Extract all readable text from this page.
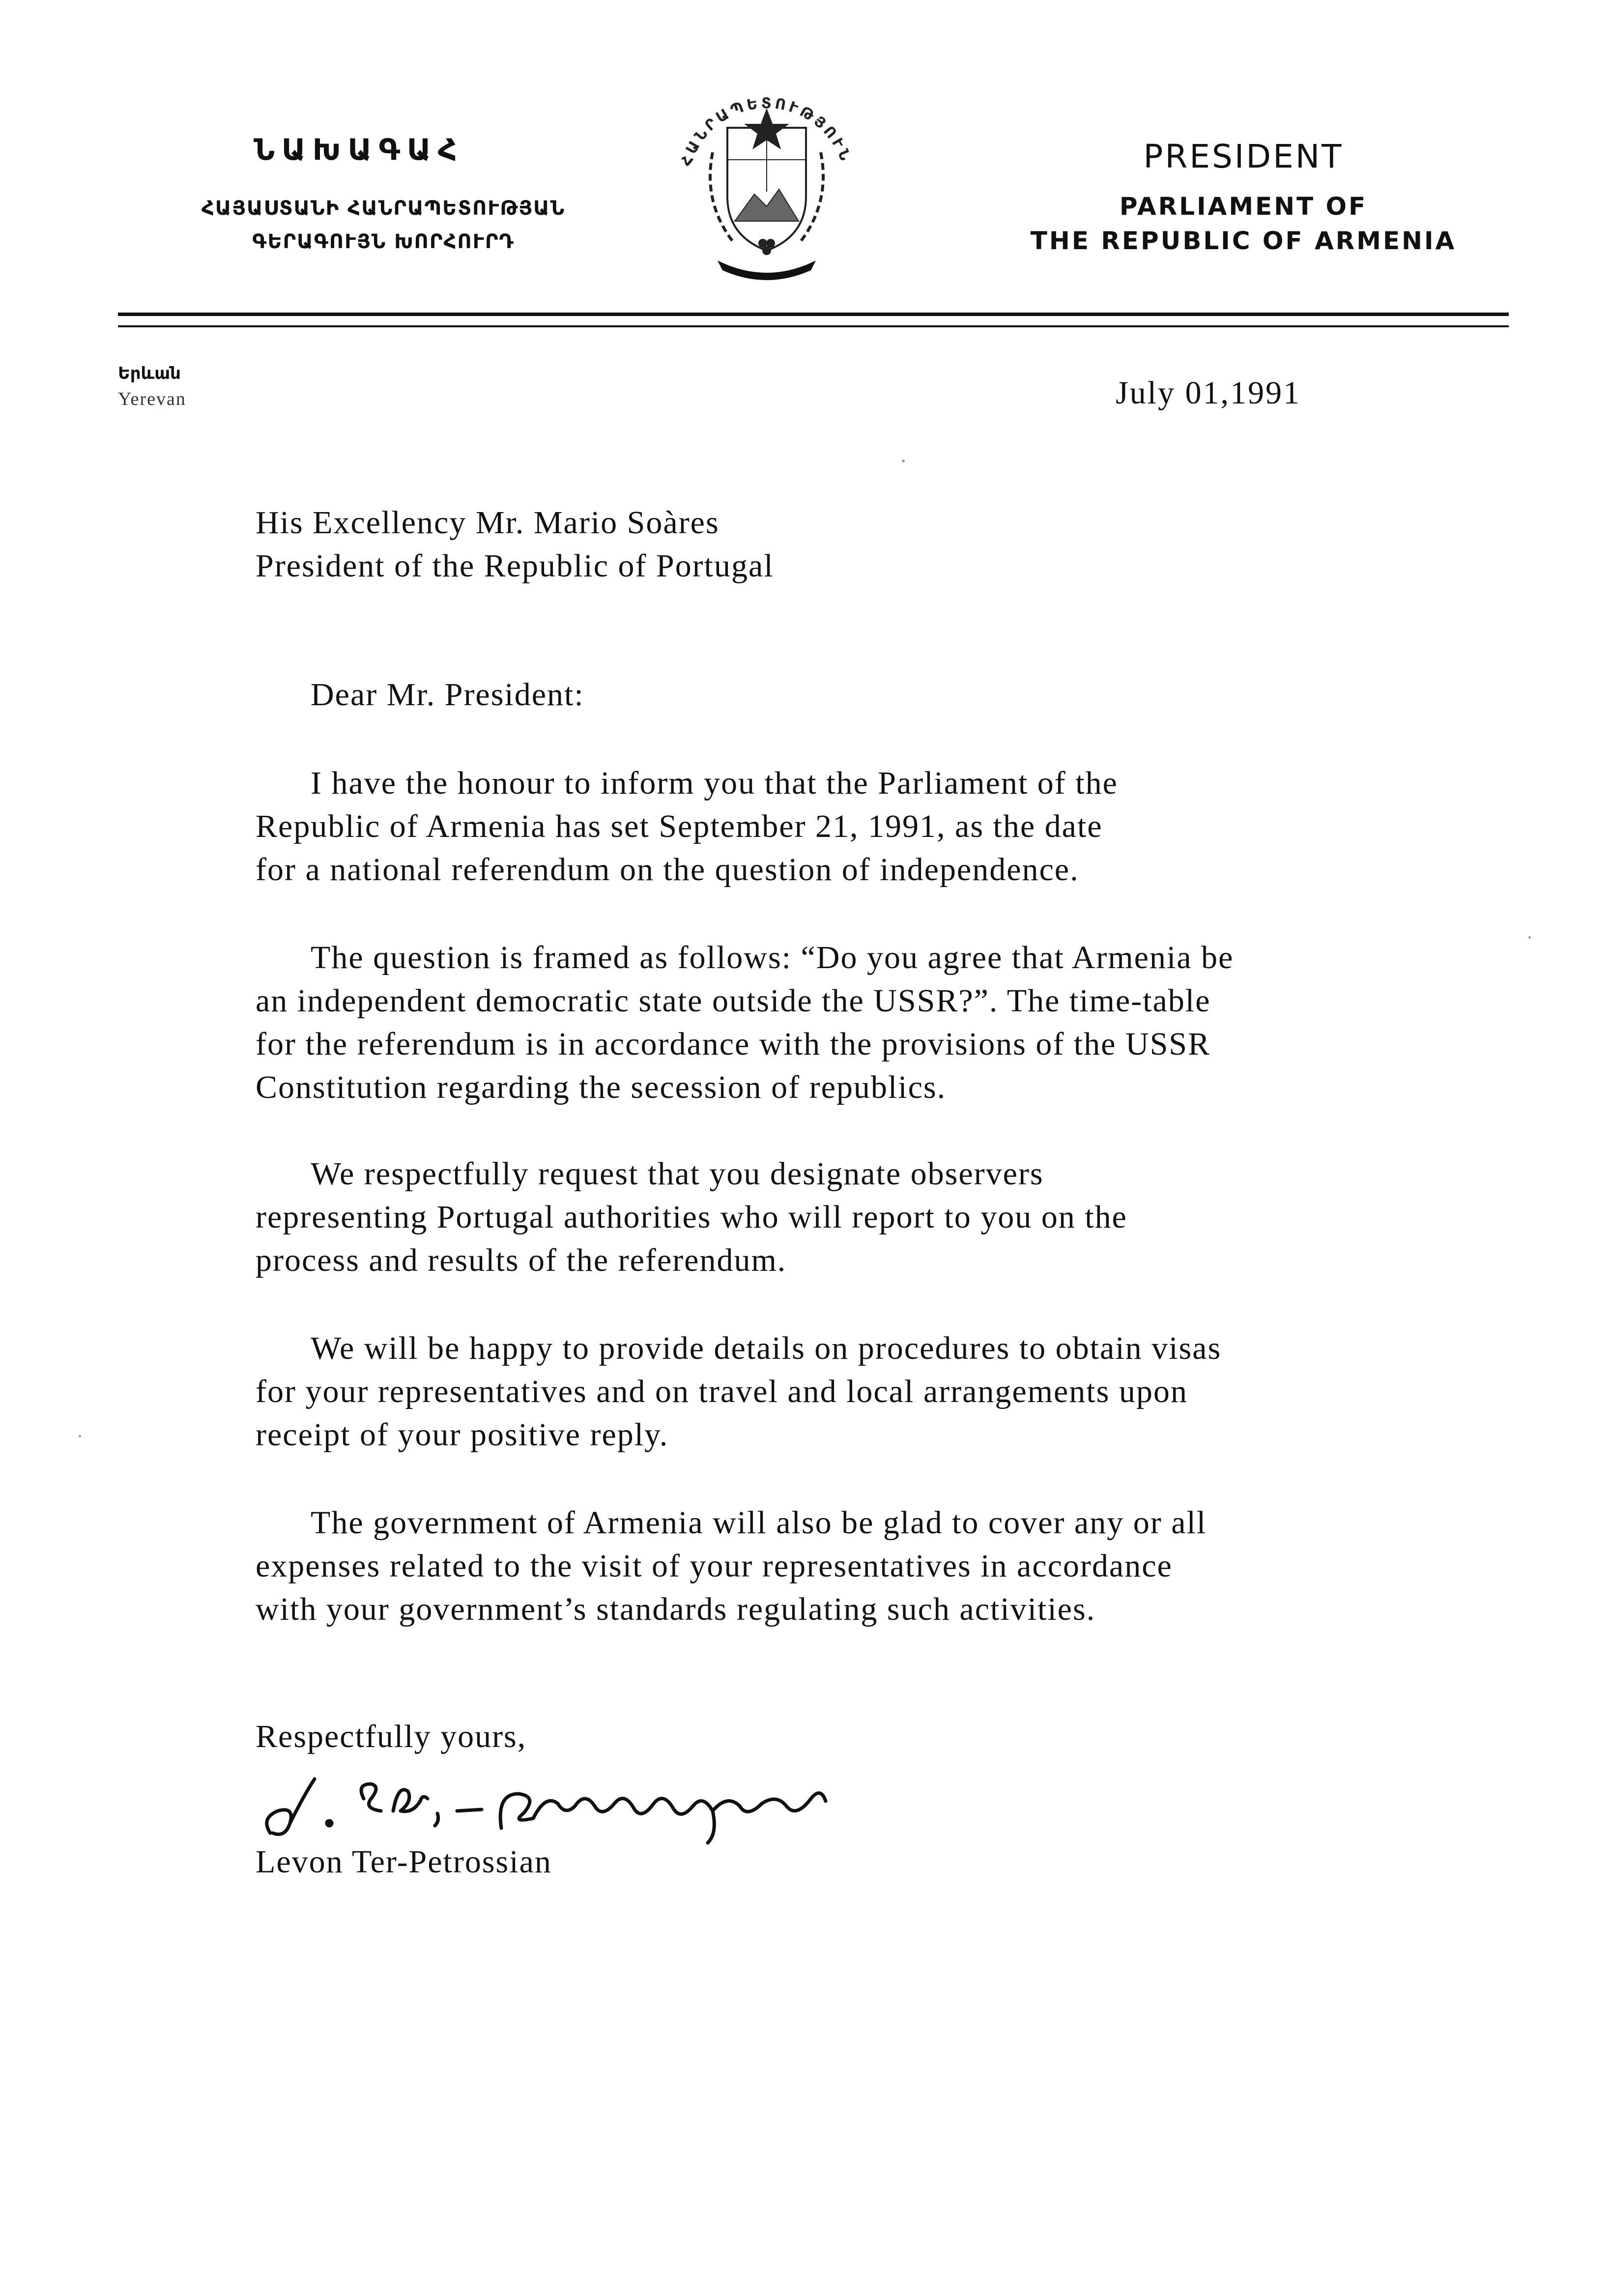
ՆԱԽԱԳԱՀ
ՀԱՅԱՍՏԱՆԻ ՀԱՆՐԱՊԵՏՈՒԹՅԱՆ
ԳԵՐԱԳՈՒՅՆ ԽՈՐՀՈՒՐԴ
ՀԱՆՐԱՊԵՏՈՒԹՅՈՒՆ	PRESIDENT
PARLIAMENT OF
THE REPUBLIC OF ARMENIA
Երևան
Yerevan	July 01,1991
His Excellency Mr. Mario Soàres
President of the Republic of Portugal
Dear Mr. President:
I have the honour to inform you that the Parliament of the
Republic of Armenia has set September 21, 1991, as the date
for a national referendum on the question of independence.
The question is framed as follows: “Do you agree that Armenia be
an independent democratic state outside the USSR?”. The time-table
for the referendum is in accordance with the provisions of the USSR
Constitution regarding the secession of republics.
We respectfully request that you designate observers
representing Portugal authorities who will report to you on the
process and results of the referendum.
We will be happy to provide details on procedures to obtain visas
for your representatives and on travel and local arrangements upon
receipt of your positive reply.
The government of Armenia will also be glad to cover any or all
expenses related to the visit of your representatives in accordance
with your government’s standards regulating such activities.
Respectfully yours,
Levon Ter-Petrossian
